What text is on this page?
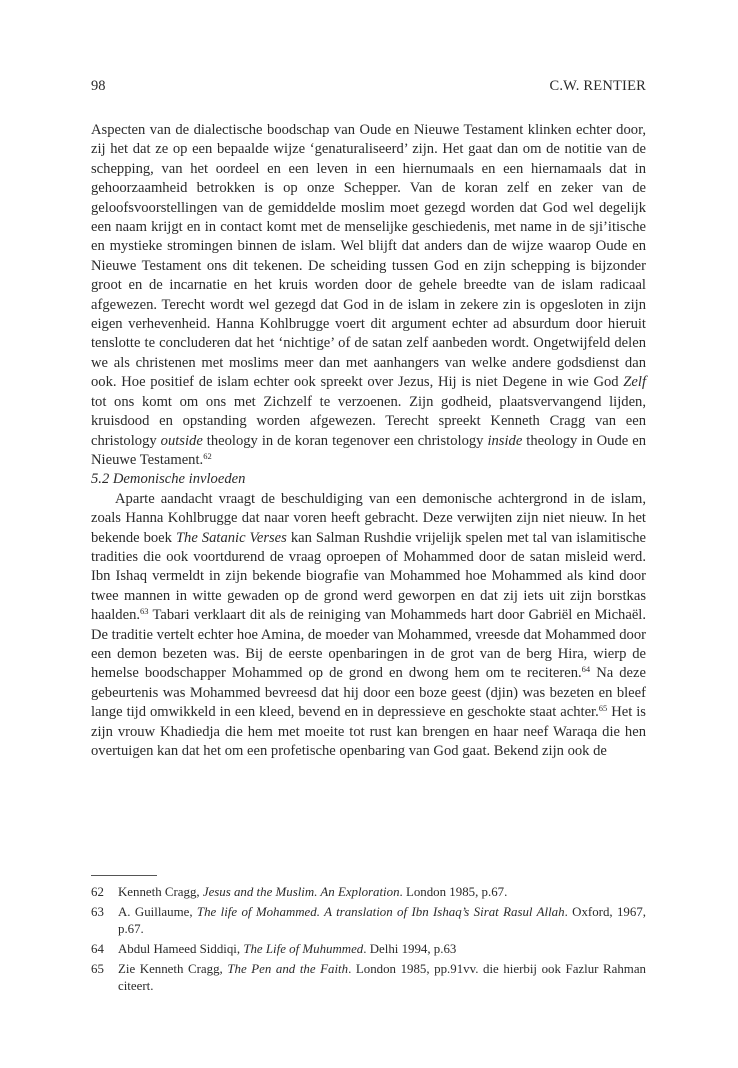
98	C.W. RENTIER

Aspecten van de dialectische boodschap van Oude en Nieuwe Testament klinken echter door, zij het dat ze op een bepaalde wijze ‘genaturaliseerd’ zijn. Het gaat dan om de notitie van de schepping, van het oordeel en een leven in een hiernumaals en een hiernamaals dat in gehoorzaamheid betrokken is op onze Schepper. Van de koran zelf en zeker van de geloofsvoorstellingen van de gemiddelde moslim moet gezegd worden dat God wel degelijk een naam krijgt en in contact komt met de menselijke geschiedenis, met name in de sji’itische en mystieke stromingen binnen de islam. Wel blijft dat anders dan de wijze waarop Oude en Nieuwe Testament ons dit tekenen. De scheiding tussen God en zijn schepping is bijzonder groot en de incarnatie en het kruis worden door de gehele breedte van de islam radicaal afgewezen. Terecht wordt wel gezegd dat God in de islam in zekere zin is opgesloten in zijn eigen verhevenheid. Hanna Kohlbrugge voert dit argument echter ad absurdum door hieruit tenslotte te concluderen dat het ‘nichtige’ of de satan zelf aanbeden wordt. Ongetwijfeld delen we als christenen met moslims meer dan met aanhangers van welke andere godsdienst dan ook. Hoe positief de islam echter ook spreekt over Jezus, Hij is niet Degene in wie God Zelf tot ons komt om ons met Zichzelf te verzoenen. Zijn godheid, plaatsvervangend lijden, kruisdood en opstanding worden afgewezen. Terecht spreekt Kenneth Cragg van een christology outside theology in de koran tegenover een christology inside theology in Oude en Nieuwe Testament.$^{62}$

5.2 Demonische invloeden

Aparte aandacht vraagt de beschuldiging van een demonische achtergrond in de islam, zoals Hanna Kohlbrugge dat naar voren heeft gebracht. Deze verwijten zijn niet nieuw. In het bekende boek The Satanic Verses kan Salman Rushdie vrijelijk spelen met tal van islamitische tradities die ook voortdurend de vraag oproepen of Mohammed door de satan misleid werd. Ibn Ishaq vermeldt in zijn bekende biografie van Mohammed hoe Mohammed als kind door twee mannen in witte gewaden op de grond werd geworpen en dat zij iets uit zijn borstkas haalden.$^{63}$ Tabari verklaart dit als de reiniging van Mohammeds hart door Gabriël en Michaël. De traditie vertelt echter hoe Amina, de moeder van Mohammed, vreesde dat Mohammed door een demon bezeten was. Bij de eerste openbaringen in de grot van de berg Hira, wierp de hemelse boodschapper Mohammed op de grond en dwong hem om te reciteren.$^{64}$ Na deze gebeurtenis was Mohammed bevreesd dat hij door een boze geest (djin) was bezeten en bleef lange tijd omwikkeld in een kleed, bevend en in depressieve en geschokte staat achter.$^{65}$ Het is zijn vrouw Khadiedja die hem met moeite tot rust kan brengen en haar neef Waraqa die hen overtuigen kan dat het om een profetische openbaring van God gaat. Bekend zijn ook de

62 Kenneth Cragg, Jesus and the Muslim. An Exploration. London 1985, p.67.
63 A. Guillaume, The life of Mohammed. A translation of Ibn Ishaq’s Sirat Rasul Allah. Oxford, 1967, p.67.
64 Abdul Hameed Siddiqi, The Life of Muhummed. Delhi 1994, p.63
65 Zie Kenneth Cragg, The Pen and the Faith. London 1985, pp.91vv. die hierbij ook Fazlur Rahman citeert.
